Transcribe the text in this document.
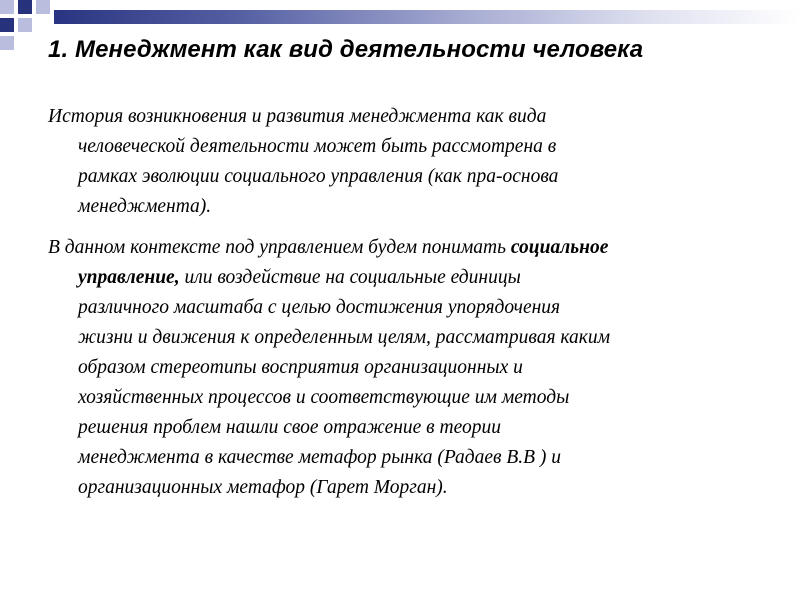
1. Менеджмент как вид деятельности человека
История возникновения и развития менеджмента как вида
человеческой деятельности может быть рассмотрена в
рамках эволюции социального управления (как пра-основа
менеджмента).
В данном контексте под управлением будем понимать социальное
управление, или воздействие на социальные единицы
различного масштаба с целью достижения упорядочения
жизни и движения к определенным целям, рассматривая каким
образом стереотипы восприятия организационных и
хозяйственных процессов и соответствующие им методы
решения проблем нашли свое отражение в теории
менеджмента в качестве метафор рынка (Радаев В.В ) и
организационных метафор (Гарет Морган).
